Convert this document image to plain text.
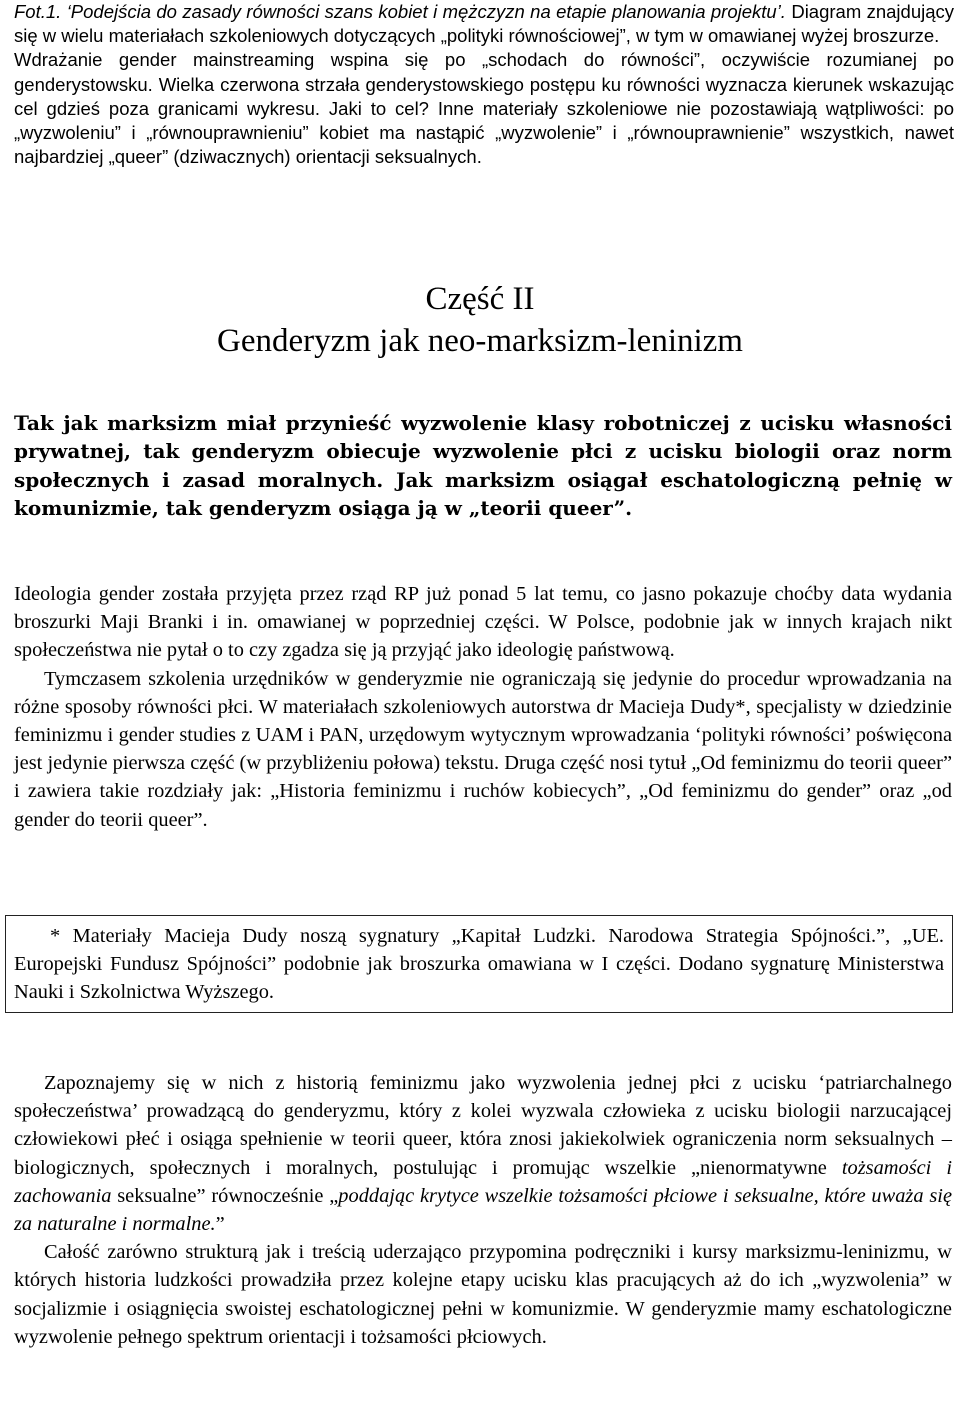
Fot.1. ‘Podejścia do zasady równości szans kobiet i mężczyzn na etapie planowania projektu’. Diagram znajdujący się w wielu materiałach szkoleniowych dotyczących „polityki równościowej”, w tym w omawianej wyżej broszurze.

Wdrażanie gender mainstreaming wspina się po „schodach do równości”, oczywiście rozumianej po genderystowsku. Wielka czerwona strzała genderystowskiego postępu ku równości wyznacza kierunek wskazując cel gdzieś poza granicami wykresu. Jaki to cel? Inne materiały szkoleniowe nie pozostawiają wątpliwości: po „wyzwoleniu” i „równouprawnieniu” kobiet ma nastąpić „wyzwolenie” i „równouprawnienie” wszystkich, nawet najbardziej „queer” (dziwacznych) orientacji seksualnych.

Część II
Genderyzm jak neo-marksizm-leninizm

Tak jak marksizm miał przynieść wyzwolenie klasy robotniczej z ucisku własności prywatnej, tak genderyzm obiecuje wyzwolenie płci z ucisku biologii oraz norm społecznych i zasad moralnych. Jak marksizm osiągał eschatologiczną pełnię w komunizmie, tak genderyzm osiąga ją w „teorii queer”.

Ideologia gender została przyjęta przez rząd RP już ponad 5 lat temu, co jasno pokazuje choćby data wydania broszurki Maji Branki i in. omawianej w poprzedniej części. W Polsce, podobnie jak w innych krajach nikt społeczeństwa nie pytał o to czy zgadza się ją przyjąć jako ideologię państwową.

Tymczasem szkolenia urzędników w genderyzmie nie ograniczają się jedynie do procedur wprowadzania na różne sposoby równości płci. W materiałach szkoleniowych autorstwa dr Macieja Dudy*, specjalisty w dziedzinie feminizmu i gender studies z UAM i PAN, urzędowym wytycznym wprowadzania ‘polityki równości’ poświęcona jest jedynie pierwsza część (w przybliżeniu połowa) tekstu. Druga część nosi tytuł „Od feminizmu do teorii queer” i zawiera takie rozdziały jak: „Historia feminizmu i ruchów kobiecych”, „Od feminizmu do gender” oraz „od gender do teorii queer”.

* Materiały Macieja Dudy noszą sygnatury „Kapitał Ludzki. Narodowa Strategia Spójności.”, „UE. Europejski Fundusz Spójności” podobnie jak broszurka omawiana w I części. Dodano sygnaturę Ministerstwa Nauki i Szkolnictwa Wyższego.

Zapoznajemy się w nich z historią feminizmu jako wyzwolenia jednej płci z ucisku ‘patriarchalnego społeczeństwa’ prowadzącą do genderyzmu, który z kolei wyzwala człowieka z ucisku biologii narzucającej człowiekowi płeć i osiąga spełnienie w teorii queer, która znosi jakiekolwiek ograniczenia norm seksualnych – biologicznych, społecznych i moralnych, postulując i promując wszelkie „nienormatywne tożsamości i zachowania seksualne” równocześnie „poddając krytyce wszelkie tożsamości płciowe i seksualne, które uważa się za naturalne i normalne.”

Całość zarówno strukturą jak i treścią uderzająco przypomina podręczniki i kursy marksizmu-leninizmu, w których historia ludzkości prowadziła przez kolejne etapy ucisku klas pracujących aż do ich „wyzwolenia” w socjalizmie i osiągnięcia swoistej eschatologicznej pełni w komunizmie. W genderyzmie mamy eschatologiczne wyzwolenie pełnego spektrum orientacji i tożsamości płciowych.
